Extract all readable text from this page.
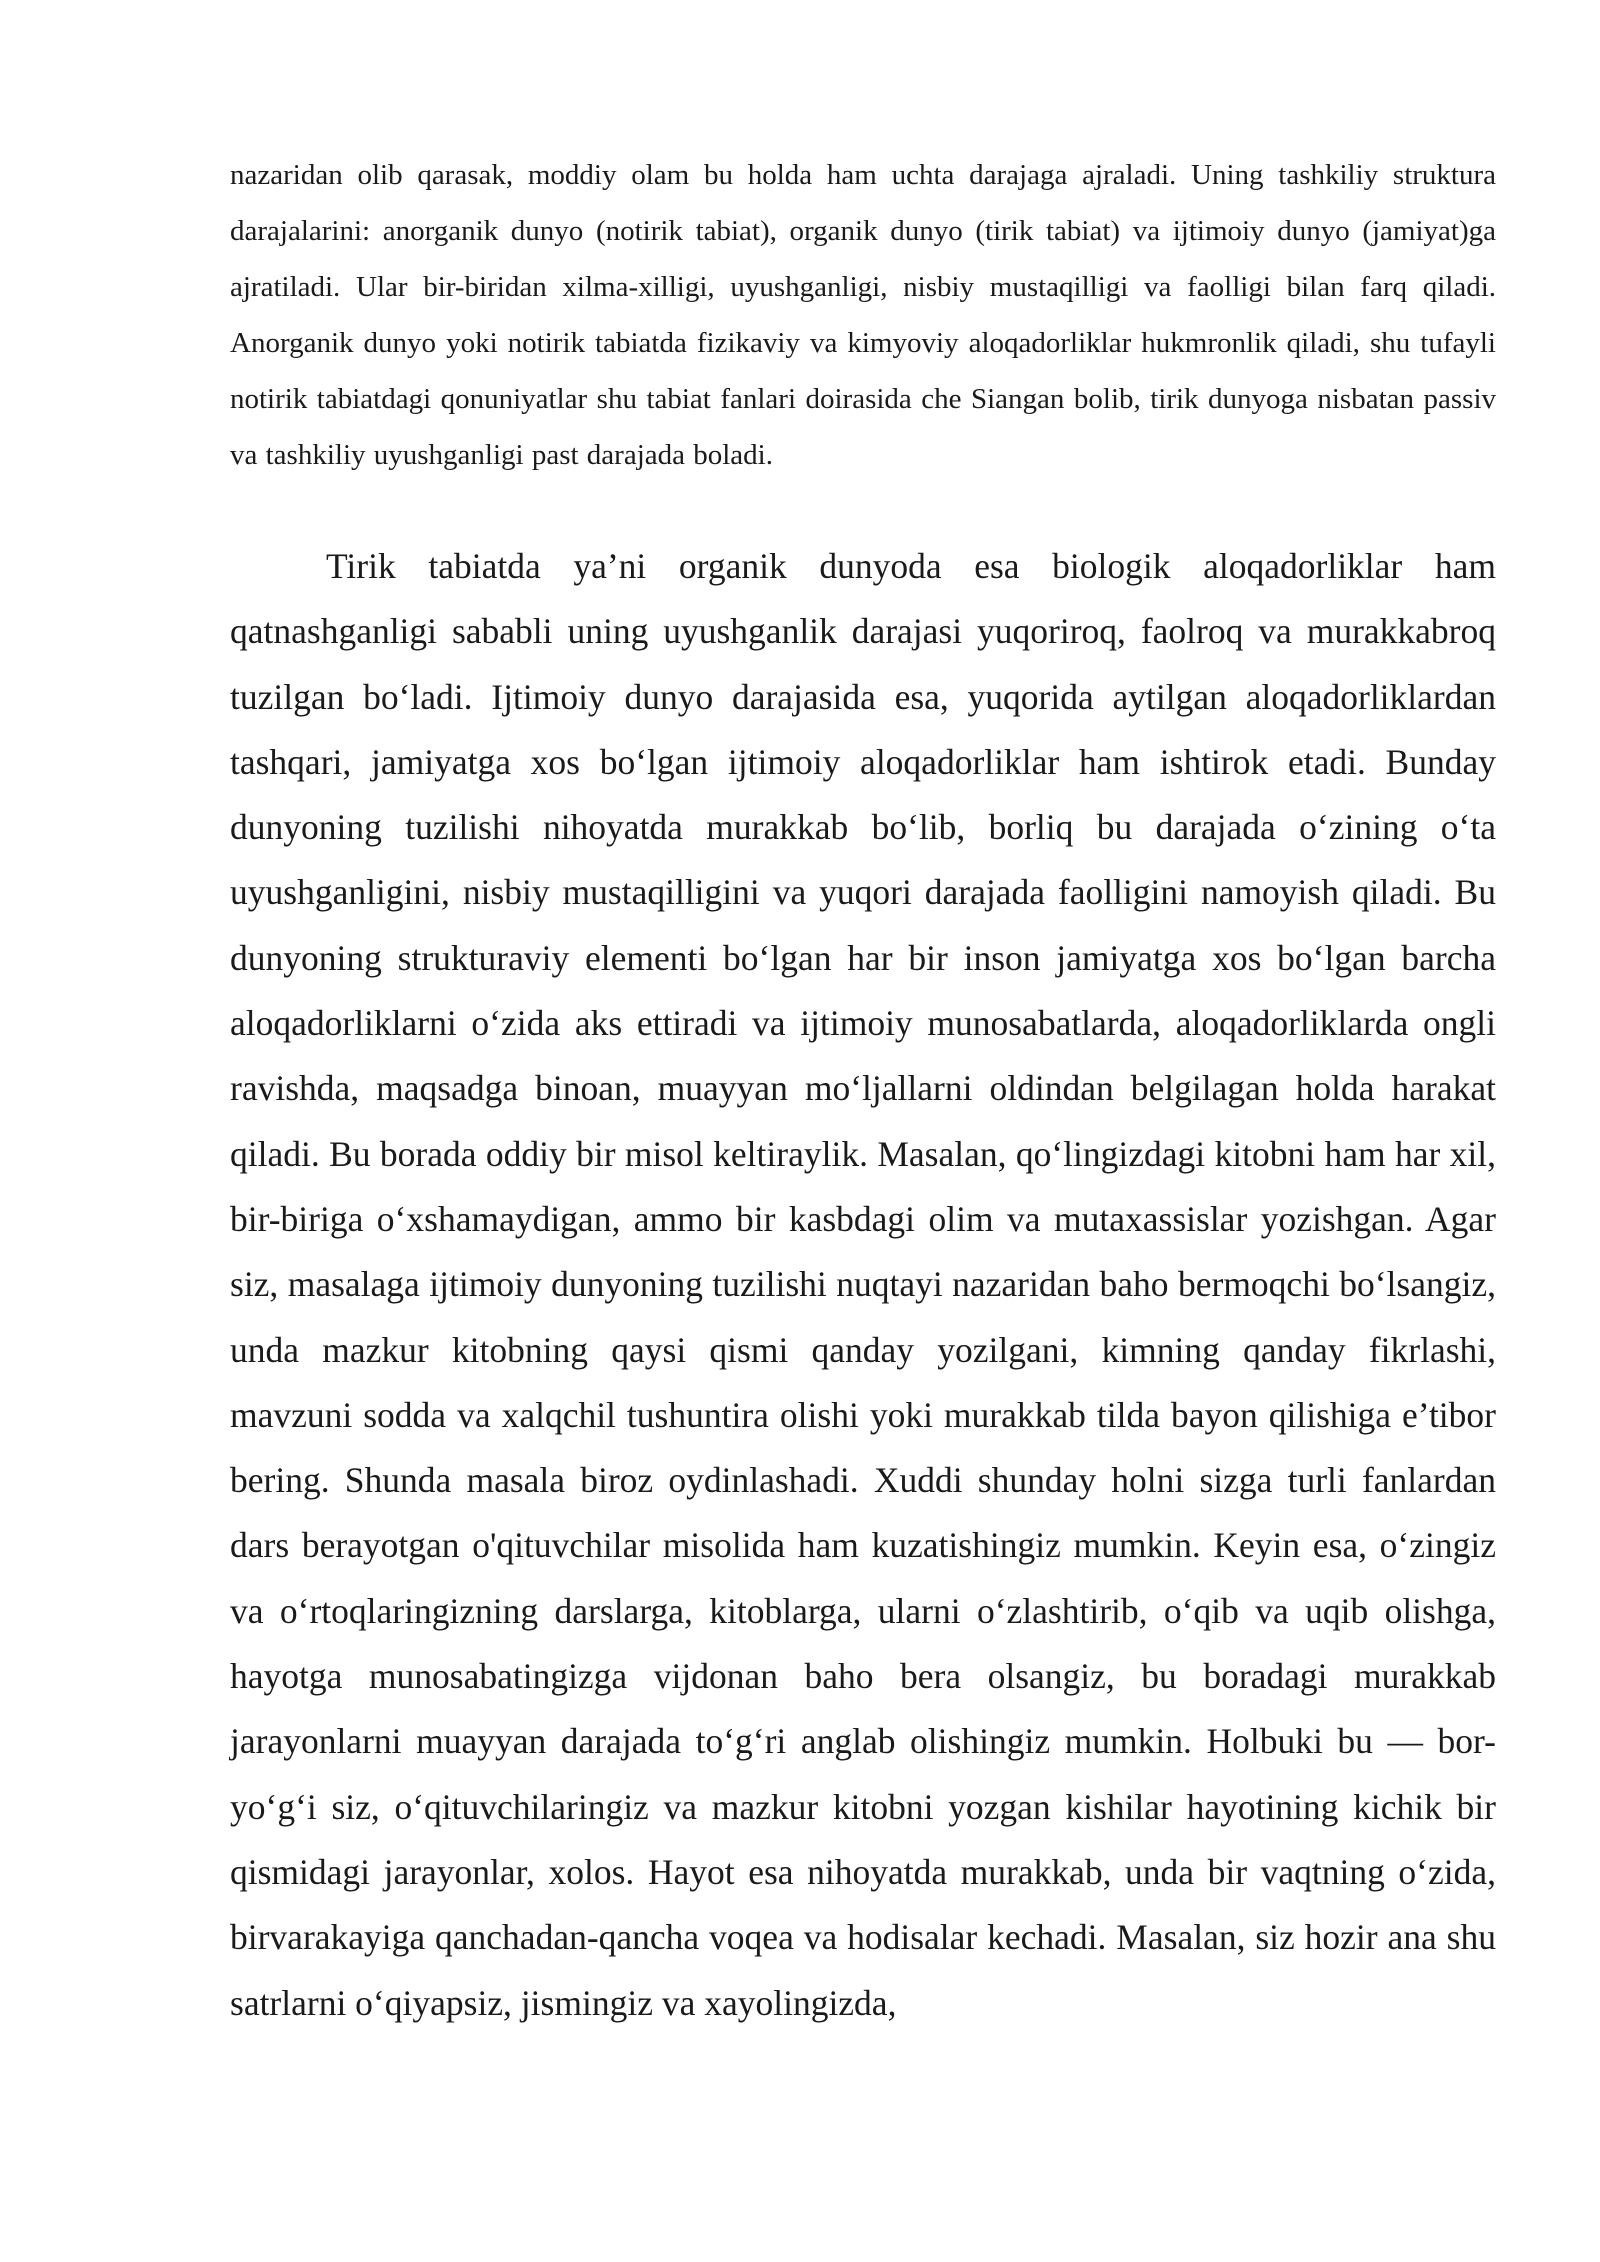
nazaridan olib qarasak, moddiy olam bu holda ham uchta darajaga ajraladi. Uning tashkiliy struktura darajalarini: anorganik dunyo (notirik tabiat), organik dunyo (tirik tabiat) va ijtimoiy dunyo (jamiyat)ga ajratiladi. Ular bir-biridan xilma-xilligi, uyushganligi, nisbiy mustaqilligi va faolligi bilan farq qiladi. Anorganik dunyo yoki notirik tabiatda fizikaviy va kimyoviy aloqadorliklar hukmronlik qiladi, shu tufayli notirik tabiatdagi qonuniyatlar shu tabiat fanlari doirasida che Siangan bolib, tirik dunyoga nisbatan passiv va tashkiliy uyushganligi past darajada boladi.

Tirik tabiatda ya’ni organik dunyoda esa biologik aloqadorliklar ham qatnashganligi sababli uning uyushganlik darajasi yuqoriroq, faolroq va murakkabroq tuzilgan bo‘ladi. Ijtimoiy dunyo darajasida esa, yuqorida aytilgan aloqadorliklardan tashqari, jamiyatga xos bo‘lgan ijtimoiy aloqadorliklar ham ishtirok etadi. Bunday dunyoning tuzilishi nihoyatda murakkab bo‘lib, borliq bu darajada o‘zining o‘ta uyushganligini, nisbiy mustaqilligini va yuqori darajada faolligini namoyish qiladi. Bu dunyoning strukturaviy elementi bo‘lgan har bir inson jamiyatga xos bo‘lgan barcha aloqadorliklarni o‘zida aks ettiradi va ijtimoiy munosabatlarda, aloqadorliklarda ongli ravishda, maqsadga binoan, muayyan mo‘ljallarni oldindan belgilagan holda harakat qiladi. Bu borada oddiy bir misol keltiraylik. Masalan, qo‘lingizdagi kitobni ham har xil, bir-biriga o‘xshamaydigan, ammo bir kasbdagi olim va mutaxassislar yozishgan. Agar siz, masalaga ijtimoiy dunyoning tuzilishi nuqtayi nazaridan baho bermoqchi bo‘lsangiz, unda mazkur kitobning qaysi qismi qanday yozilgani, kimning qanday fikrlashi, mavzuni sodda va xalqchil tushuntira olishi yoki murakkab tilda bayon qilishiga e’tibor bering. Shunda masala biroz oydinlashadi. Xuddi shunday holni sizga turli fanlardan dars berayotgan o'qituvchilar misolida ham kuzatishingiz mumkin. Keyin esa, o‘zingiz va o‘rtoqlaringizning darslarga, kitoblarga, ularni o‘zlashtirib, o‘qib va uqib olishga, hayotga munosabatingizga vijdonan baho bera olsangiz, bu boradagi murakkab jarayonlarni muayyan darajada to‘g‘ri anglab olishingiz mumkin. Holbuki bu — bor-yo‘g‘i siz, o‘qituvchilaringiz va mazkur kitobni yozgan kishilar hayotining kichik bir qismidagi jarayonlar, xolos. Hayot esa nihoyatda murakkab, unda bir vaqtning o‘zida, birvarakayiga qanchadan-qancha voqea va hodisalar kechadi. Masalan, siz hozir ana shu satrlarni o‘qiyapsiz, jismingiz va xayolingizda,
